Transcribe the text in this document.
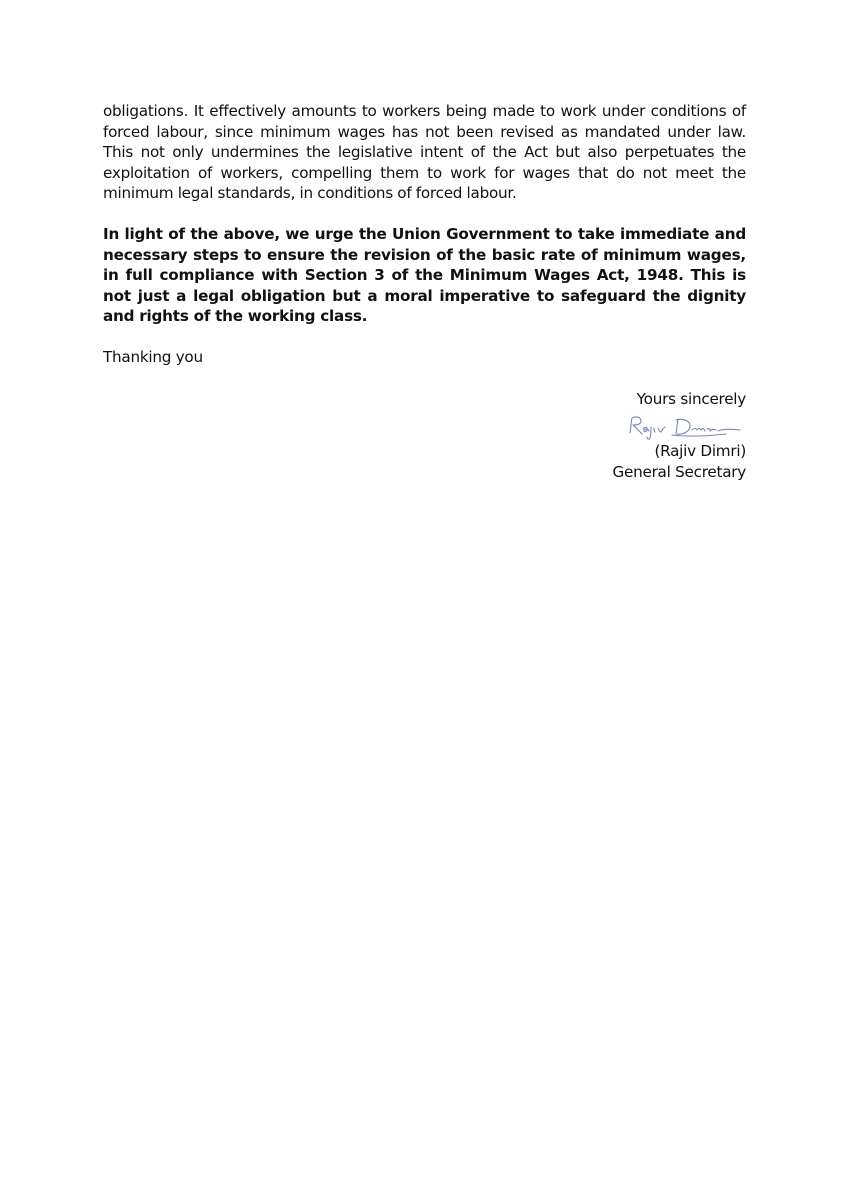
obligations. It effectively amounts to workers being made to work under conditions of forced labour, since minimum wages has not been revised as mandated under law. This not only undermines the legislative intent of the Act but also perpetuates the exploitation of workers, compelling them to work for wages that do not meet the minimum legal standards, in conditions of forced labour.

In light of the above, we urge the Union Government to take immediate and necessary steps to ensure the revision of the basic rate of minimum wages, in full compliance with Section 3 of the Minimum Wages Act, 1948. This is not just a legal obligation but a moral imperative to safeguard the dignity and rights of the working class.

Thanking you

Yours sincerely
(Rajiv Dimri)
General Secretary
